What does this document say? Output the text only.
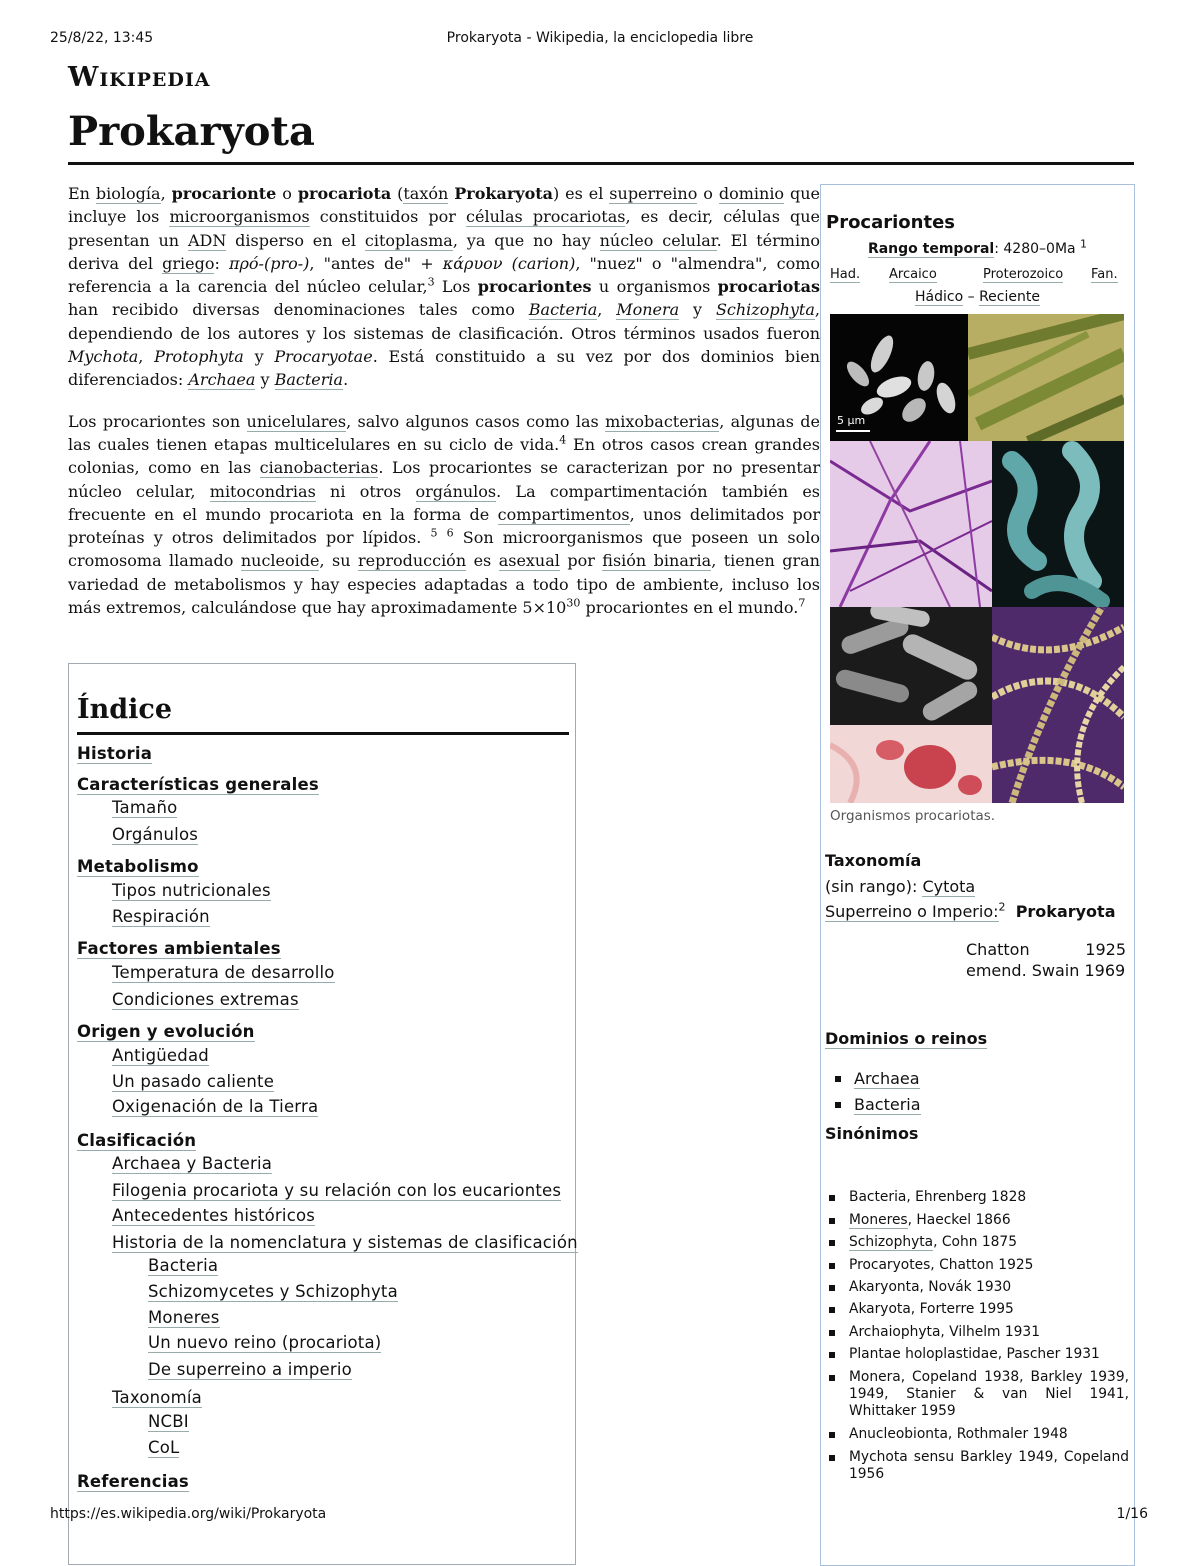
25/8/22, 13:45	Prokaryota - Wikipedia, la enciclopedia libre
Wikipedia
Prokaryota

En biología, procarionte o procariota (taxón Prokaryota) es el superreino o dominio que incluye los microorganismos constituidos por células procariotas, es decir, células que presentan un ADN disperso en el citoplasma, ya que no hay núcleo celular. El término deriva del griego: πρό-(pro-), "antes de" + κάρυον (carion), "nuez" o "almendra", como referencia a la carencia del núcleo celular,$^3$ Los procariontes u organismos procariotas han recibido diversas denominaciones tales como Bacteria, Monera y Schizophyta, dependiendo de los autores y los sistemas de clasificación. Otros términos usados fueron Mychota, Protophyta y Procaryotae. Está constituido a su vez por dos dominios bien diferenciados: Archaea y Bacteria.

Los procariontes son unicelulares, salvo algunos casos como las mixobacterias, algunas de las cuales tienen etapas multicelulares en su ciclo de vida.$^4$ En otros casos crean grandes colonias, como en las cianobacterias. Los procariontes se caracterizan por no presentar núcleo celular, mitocondrias ni otros orgánulos. La compartimentación también es frecuente en el mundo procariota en la forma de compartimentos, unos delimitados por proteínas y otros delimitados por lípidos. $^5$ $^6$ Son microorganismos que poseen un solo cromosoma llamado nucleoide, su reproducción es asexual por fisión binaria, tienen gran variedad de metabolismos y hay especies adaptadas a todo tipo de ambiente, incluso los más extremos, calculándose que hay aproximadamente $5\times 10^{30}$ procariontes en el mundo.$^7$

Índice
Historia
Características generales
Tamaño
Orgánulos
Metabolismo
Tipos nutricionales
Respiración
Factores ambientales
Temperatura de desarrollo
Condiciones extremas
Origen y evolución
Antigüedad
Un pasado caliente
Oxigenación de la Tierra
Clasificación
Archaea y Bacteria
Filogenia procariota y su relación con los eucariontes
Antecedentes históricos
Historia de la nomenclatura y sistemas de clasificación
Bacteria
Schizomycetes y Schizophyta
Moneres
Un nuevo reino (procariota)
De superreino a imperio
Taxonomía
NCBI
CoL
Referencias
Procariontes
Rango temporal: 4280–0Ma $^1$
Had. Arcaico	Proterozoico Fan.
Hádico – Reciente
5 µm
Organismos procariotas.
Taxonomía
(sin rango): Cytota
Superreino o Imperio:$^2$ Prokaryota
Chatton 1925 emend. Swain 1969
Dominios o reinos
Archaea
Bacteria
Sinónimos
Bacteria, Ehrenberg 1828
Moneres, Haeckel 1866
Schizophyta, Cohn 1875
Procaryotes, Chatton 1925
Akaryonta, Novák 1930
Akaryota, Forterre 1995
Archaiophyta, Vilhelm 1931
Plantae holoplastidae, Pascher 1931
Monera, Copeland 1938, Barkley 1939, 1949, Stanier & van Niel 1941, Whittaker 1959
Anucleobionta, Rothmaler 1948
Mychota sensu Barkley 1949, Copeland 1956
https://es.wikipedia.org/wiki/Prokaryota	1/16
